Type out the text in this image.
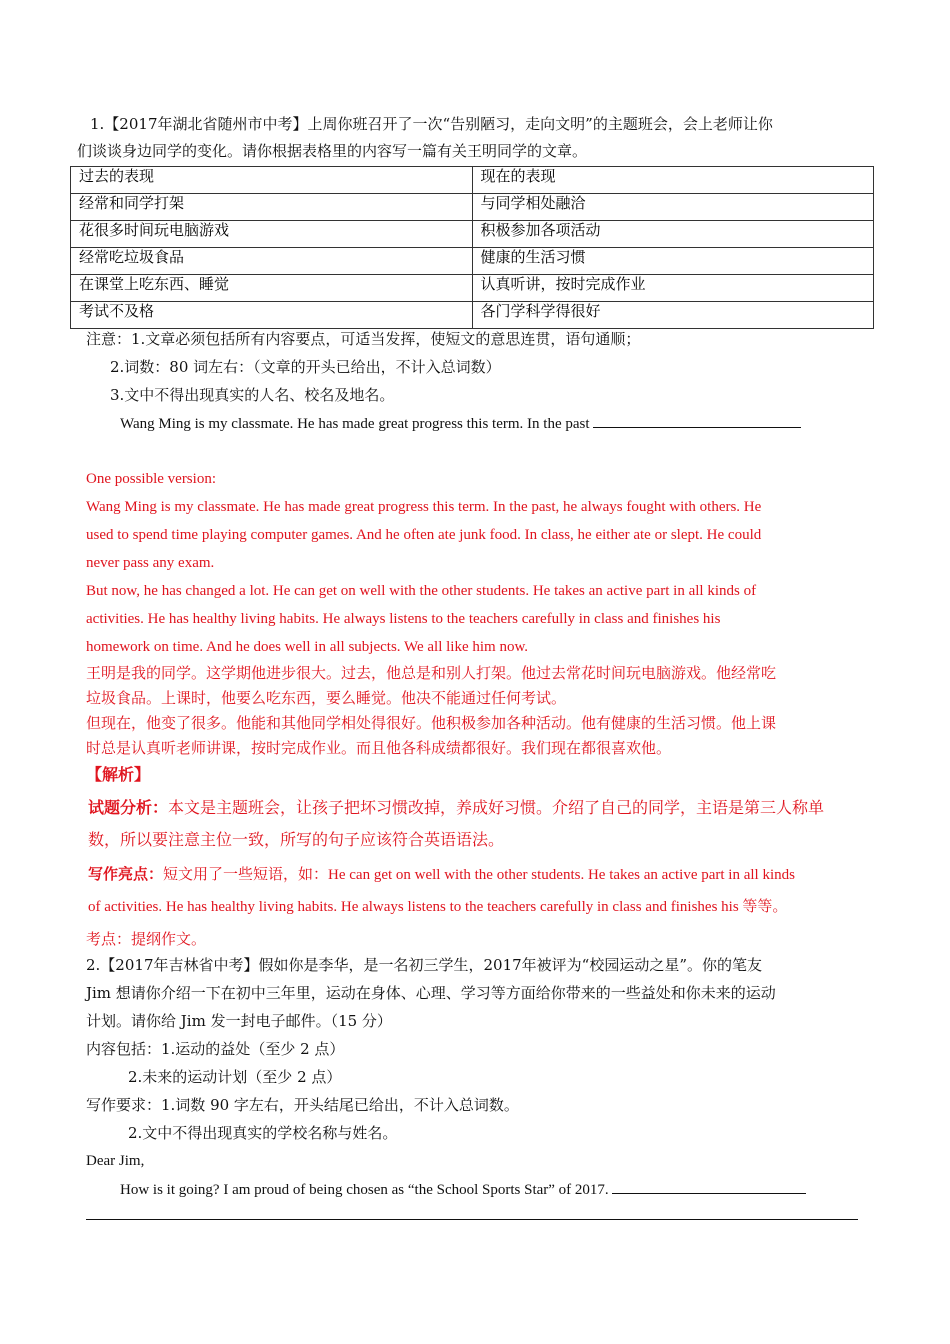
1.【2017年湖北省随州市中考】上周你班召开了一次“告别陋习，走向文明”的主题班会，会上老师让你
们谈谈身边同学的变化。请你根据表格里的内容写一篇有关王明同学的文章。
过去的表现	现在的表现
经常和同学打架	与同学相处融洽
花很多时间玩电脑游戏	积极参加各项活动
经常吃垃圾食品	健康的生活习惯
在课堂上吃东西、睡觉	认真听讲，按时完成作业
考试不及格	各门学科学得很好
注意：1.文章必须包括所有内容要点，可适当发挥，使短文的意思连贯，语句通顺；
2.词数：80 词左右：（文章的开头已给出，不计入总词数）
3.文中不得出现真实的人名、校名及地名。
Wang Ming is my classmate. He has made great progress this term. In the past
One possible version:
Wang Ming is my classmate. He has made great progress this term. In the past, he always fought with others. He
used to spend time playing computer games. And he often ate junk food. In class, he either ate or slept. He could
never pass any exam.
But now, he has changed a lot. He can get on well with the other students. He takes an active part in all kinds of
activities. He has healthy living habits. He always listens to the teachers carefully in class and finishes his
homework on time. And he does well in all subjects. We all like him now.
王明是我的同学。这学期他进步很大。过去，他总是和别人打架。他过去常花时间玩电脑游戏。他经常吃
垃圾食品。上课时，他要么吃东西，要么睡觉。他决不能通过任何考试。
但现在，他变了很多。他能和其他同学相处得很好。他积极参加各种活动。他有健康的生活习惯。他上课
时总是认真听老师讲课，按时完成作业。而且他各科成绩都很好。我们现在都很喜欢他。
【解析】
试题分析：本文是主题班会，让孩子把坏习惯改掉，养成好习惯。介绍了自己的同学，主语是第三人称单
数，所以要注意主位一致，所写的句子应该符合英语语法。
写作亮点：短文用了一些短语，如：He can get on well with the other students. He takes an active part in all kinds
of activities. He has healthy living habits. He always listens to the teachers carefully in class and finishes his 等等。
考点：提纲作文。
2.【2017年吉林省中考】假如你是李华，是一名初三学生，2017年被评为“校园运动之星”。你的笔友
Jim 想请你介绍一下在初中三年里，运动在身体、心理、学习等方面给你带来的一些益处和你未来的运动
计划。请你给 Jim 发一封电子邮件。（15 分）
内容包括：1.运动的益处（至少 2 点）
2.未来的运动计划（至少 2 点）
写作要求：1.词数 90 字左右，开头结尾已给出，不计入总词数。
2.文中不得出现真实的学校名称与姓名。
Dear Jim,
How is it going? I am proud of being chosen as “the School Sports Star” of 2017.
